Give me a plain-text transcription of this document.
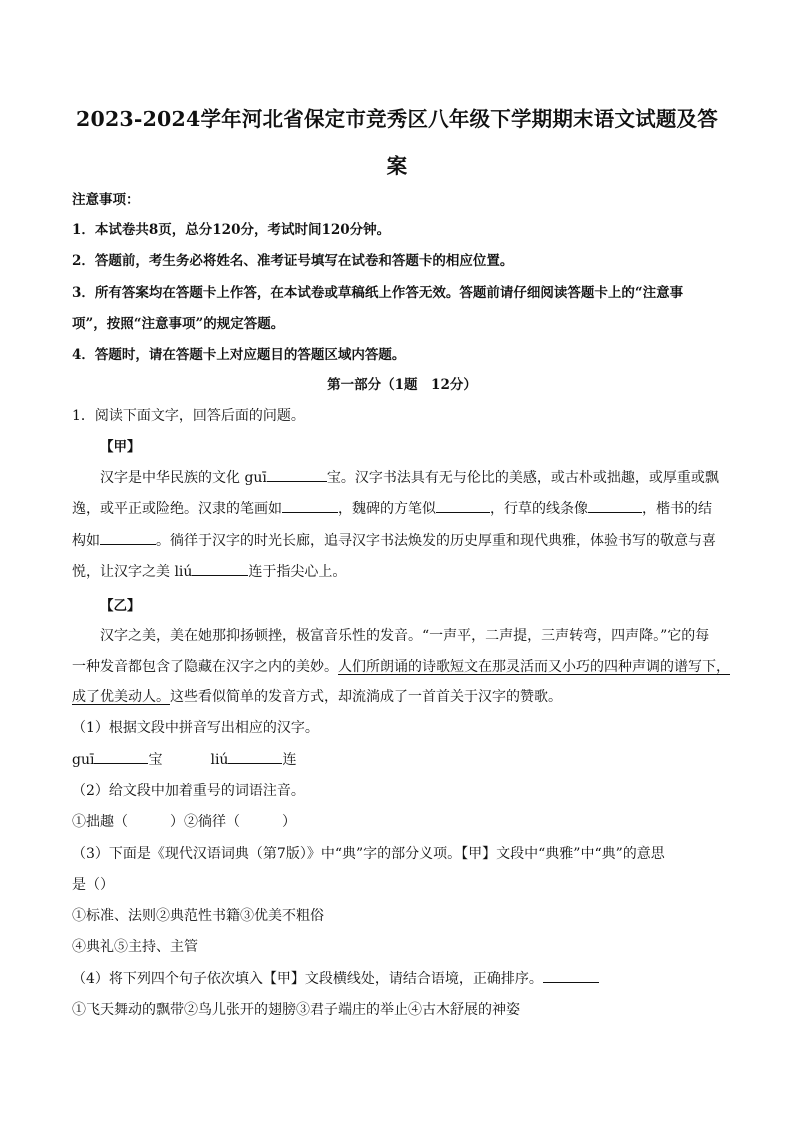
2023-2024学年河北省保定市竞秀区八年级下学期期末语文试题及答
案
注意事项：
1．本试卷共8页，总分120分，考试时间120分钟。
2．答题前，考生务必将姓名、准考证号填写在试卷和答题卡的相应位置。
3．所有答案均在答题卡上作答，在本试卷或草稿纸上作答无效。答题前请仔细阅读答题卡上的“注意事
项”，按照“注意事项”的规定答题。
4．答题时，请在答题卡上对应题目的答题区域内答题。
第一部分（1题　12分）
1．阅读下面文字，回答后面的问题。
【甲】
汉字是中华民族的文化 guī	宝。汉字书法具有无与伦比的美感，或古朴或拙趣，或厚重或飘
逸，或平正或险绝。汉隶的笔画如	，魏碑的方笔似	，行草的线条像	，楷书的结
构如	。徜徉于汉字的时光长廊，追寻汉字书法焕发的历史厚重和现代典雅，体验书写的敬意与喜
悦，让汉字之美 liú	连于指尖心上。
【乙】
汉字之美，美在她那抑扬顿挫，极富音乐性的发音。“一声平，二声提，三声转弯，四声降。”它的每
一种发音都包含了隐藏在汉字之内的美妙。人们所朗诵的诗歌短文在那灵活而又小巧的四种声调的谱写下，
成了优美动人。这些看似简单的发音方式，却流淌成了一首首关于汉字的赞歌。
（1）根据文段中拼音写出相应的汉字。
guī	宝	liú	连
（2）给文段中加着重号的词语注音。
①拙趣（　　　）②徜徉（　　　）
（3）下面是《现代汉语词典（第7版）》中“典”字的部分义项。【甲】文段中“典雅”中“典”的意思
是（）
①标准、法则②典范性书籍③优美不粗俗
④典礼⑤主持、主管
（4）将下列四个句子依次填入【甲】文段横线处，请结合语境，正确排序。
①飞天舞动的飘带②鸟儿张开的翅膀③君子端庄的举止④古木舒展的神姿
